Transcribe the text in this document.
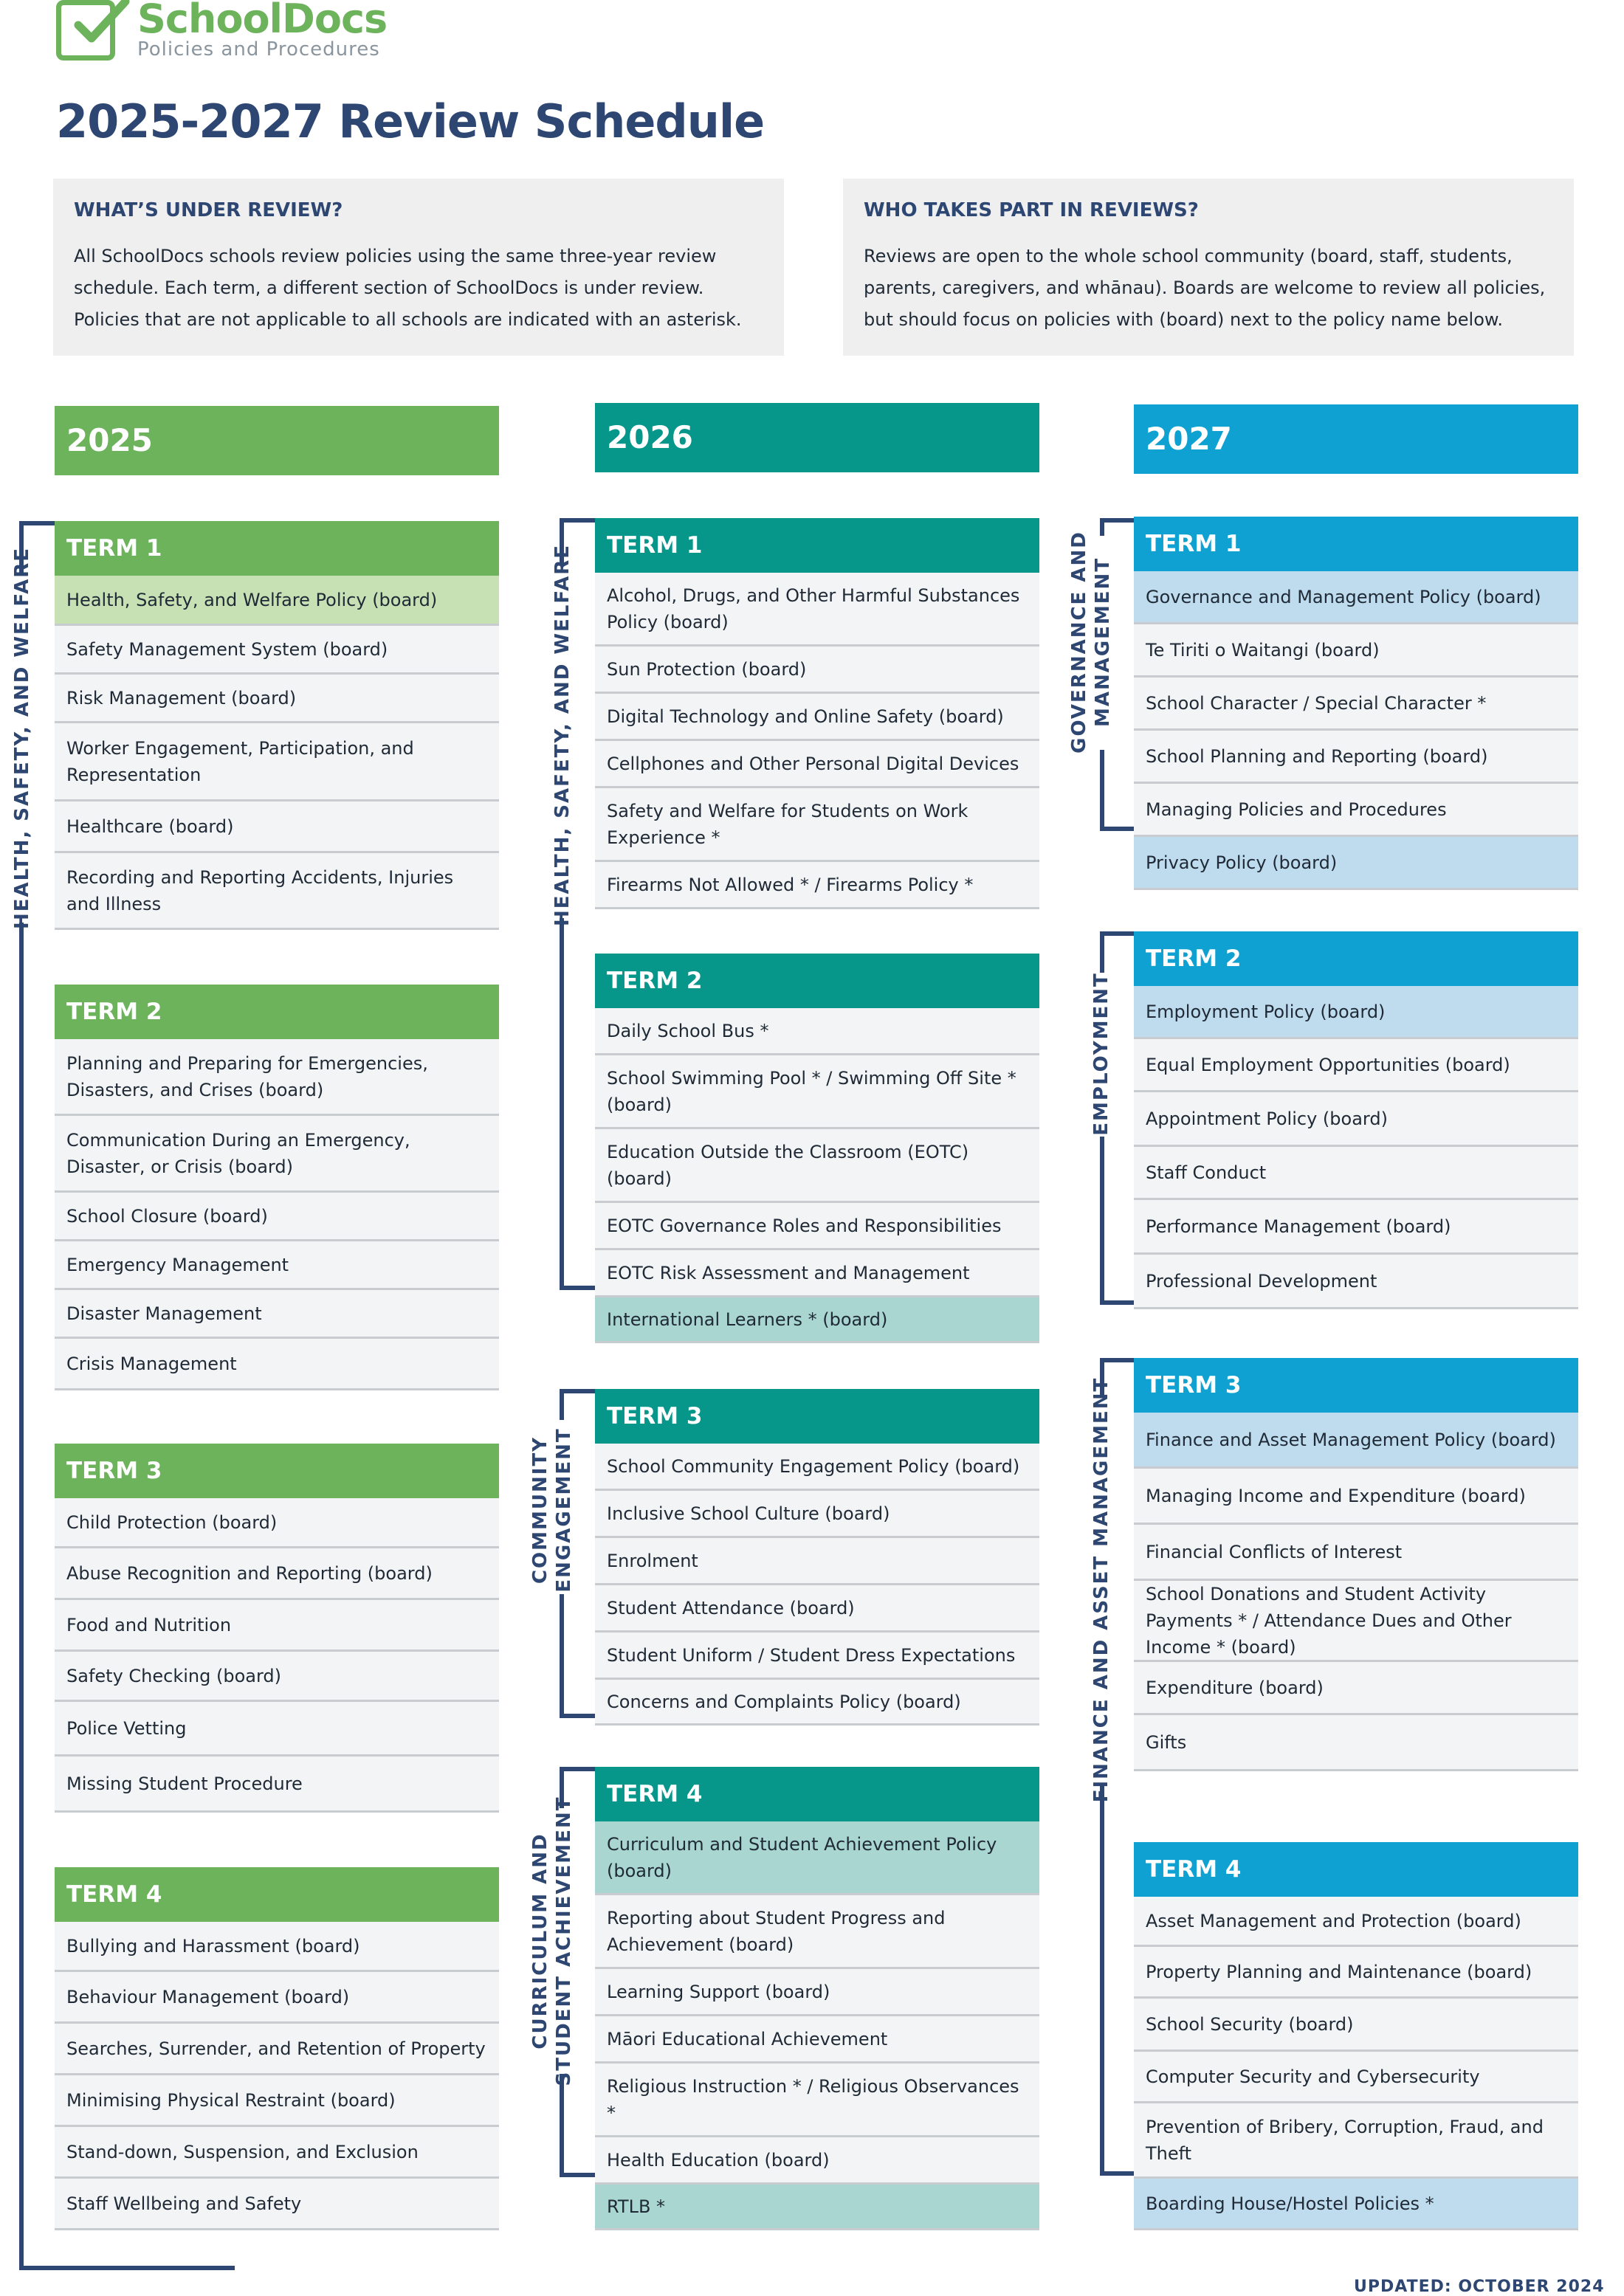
SchoolDocs
Policies and Procedures
2025-2027 Review Schedule
WHAT’S UNDER REVIEW?

All SchoolDocs schools review policies using the same three-year review

schedule. Each term, a different section of SchoolDocs is under review.

Policies that are not applicable to all schools are indicated with an asterisk.

WHO TAKES PART IN REVIEWS?

Reviews are open to the whole school community (board, staff, students,

parents, caregivers, and whānau). Boards are welcome to review all policies,

but should focus on policies with (board) next to the policy name below.

2025	2026	2027
TERM 1
Health, Safety, and Welfare Policy (board)
Safety Management System (board)
Risk Management (board)
Worker Engagement, Participation, and Representation
Healthcare (board)
Recording and Reporting Accidents, Injuries and Illness
TERM 2
Planning and Preparing for Emergencies, Disasters, and Crises (board)
Communication During an Emergency, Disaster, or Crisis (board)
School Closure (board)
Emergency Management
Disaster Management
Crisis Management
TERM 3
Child Protection (board)
Abuse Recognition and Reporting (board)
Food and Nutrition
Safety Checking (board)
Police Vetting
Missing Student Procedure
TERM 4
Bullying and Harassment (board)
Behaviour Management (board)
Searches, Surrender, and Retention of Property
Minimising Physical Restraint (board)
Stand-down, Suspension, and Exclusion
Staff Wellbeing and Safety
TERM 1
Alcohol, Drugs, and Other Harmful Substances Policy (board)
Sun Protection (board)
Digital Technology and Online Safety (board)
Cellphones and Other Personal Digital Devices
Safety and Welfare for Students on Work Experience *
Firearms Not Allowed * / Firearms Policy *
TERM 2
Daily School Bus *
School Swimming Pool * / Swimming Off Site * (board)
Education Outside the Classroom (EOTC) (board)
EOTC Governance Roles and Responsibilities
EOTC Risk Assessment and Management
International Learners * (board)
TERM 3
School Community Engagement Policy (board)
Inclusive School Culture (board)
Enrolment
Student Attendance (board)
Student Uniform / Student Dress Expectations
Concerns and Complaints Policy (board)
TERM 4
Curriculum and Student Achievement Policy (board)
Reporting about Student Progress and Achievement (board)
Learning Support (board)
Māori Educational Achievement
Religious Instruction * / Religious Observances *
Health Education (board)
RTLB *
TERM 1
Governance and Management Policy (board)
Te Tiriti o Waitangi (board)
School Character / Special Character *
School Planning and Reporting (board)
Managing Policies and Procedures
Privacy Policy (board)
TERM 2
Employment Policy (board)
Equal Employment Opportunities (board)
Appointment Policy (board)
Staff Conduct
Performance Management (board)
Professional Development
TERM 3
Finance and Asset Management Policy (board)
Managing Income and Expenditure (board)
Financial Conflicts of Interest
School Donations and Student Activity Payments * / Attendance Dues and Other Income * (board)
Expenditure (board)
Gifts
TERM 4
Asset Management and Protection (board)
Property Planning and Maintenance (board)
School Security (board)
Computer Security and Cybersecurity
Prevention of Bribery, Corruption, Fraud, and Theft
Boarding House/Hostel Policies *
HEALTH, SAFETY, AND WELFARE	HEALTH, SAFETY, AND WELFARE
COMMUNITY ENGAGEMENT
CURRICULUM AND STUDENT ACHIEVEMENT
GOVERNANCE AND MANAGEMENT
EMPLOYMENT
FINANCE AND ASSET MANAGEMENT
UPDATED: OCTOBER 2024
